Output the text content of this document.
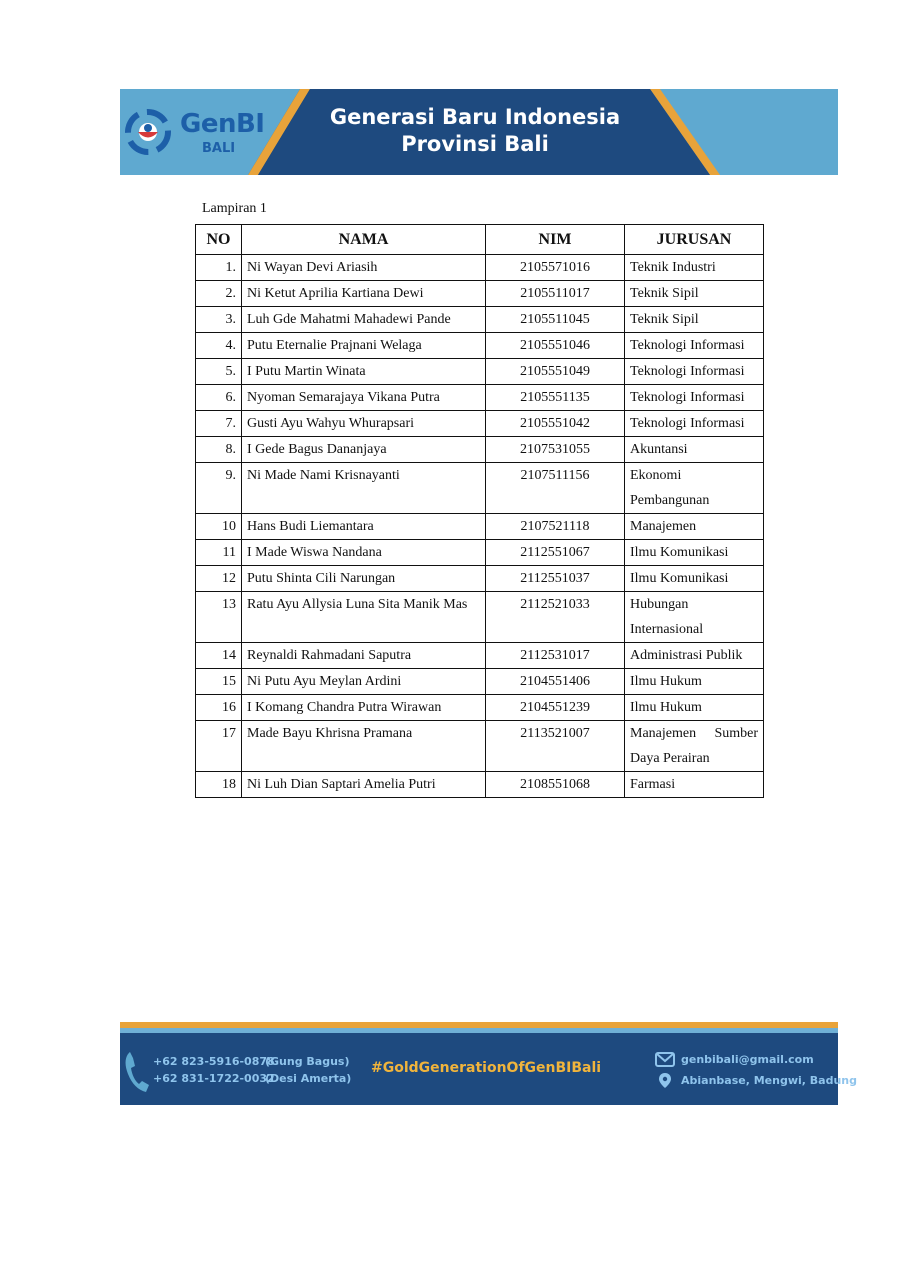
GenBI
BALI
Generasi Baru Indonesia
Provinsi Bali
Lampiran 1
NO	NAMA	NIM	JURUSAN
1.	Ni Wayan Devi Ariasih	2105571016	Teknik Industri
2.	Ni Ketut Aprilia Kartiana Dewi	2105511017	Teknik Sipil
3.	Luh Gde Mahatmi Mahadewi Pande	2105511045	Teknik Sipil
4.	Putu Eternalie Prajnani Welaga	2105551046	Teknologi Informasi
5.	I Putu Martin Winata	2105551049	Teknologi Informasi
6.	Nyoman Semarajaya Vikana Putra	2105551135	Teknologi Informasi
7.	Gusti Ayu Wahyu Whurapsari	2105551042	Teknologi Informasi
8.	I Gede Bagus Dananjaya	2107531055	Akuntansi
9.	Ni Made Nami Krisnayanti	2107511156	Ekonomi Pembangunan
10	Hans Budi Liemantara	2107521118	Manajemen
11	I Made Wiswa Nandana	2112551067	Ilmu Komunikasi
12	Putu Shinta Cili Narungan	2112551037	Ilmu Komunikasi
13	Ratu Ayu Allysia Luna Sita Manik Mas	2112521033	Hubungan Internasional
14	Reynaldi Rahmadani Saputra	2112531017	Administrasi Publik
15	Ni Putu Ayu Meylan Ardini	2104551406	Ilmu Hukum
16	I Komang Chandra Putra Wirawan	2104551239	Ilmu Hukum
17	Made Bayu Khrisna Pramana	2113521007	Manajemen Sumber Daya Perairan
18	Ni Luh Dian Saptari Amelia Putri	2108551068	Farmasi
+62 823-5916-0878(Gung Bagus)
+62 831-1722-0032(Desi Amerta)
#GoldGenerationOfGenBIBali
genbibali@gmail.com
Abianbase, Mengwi, Badung
